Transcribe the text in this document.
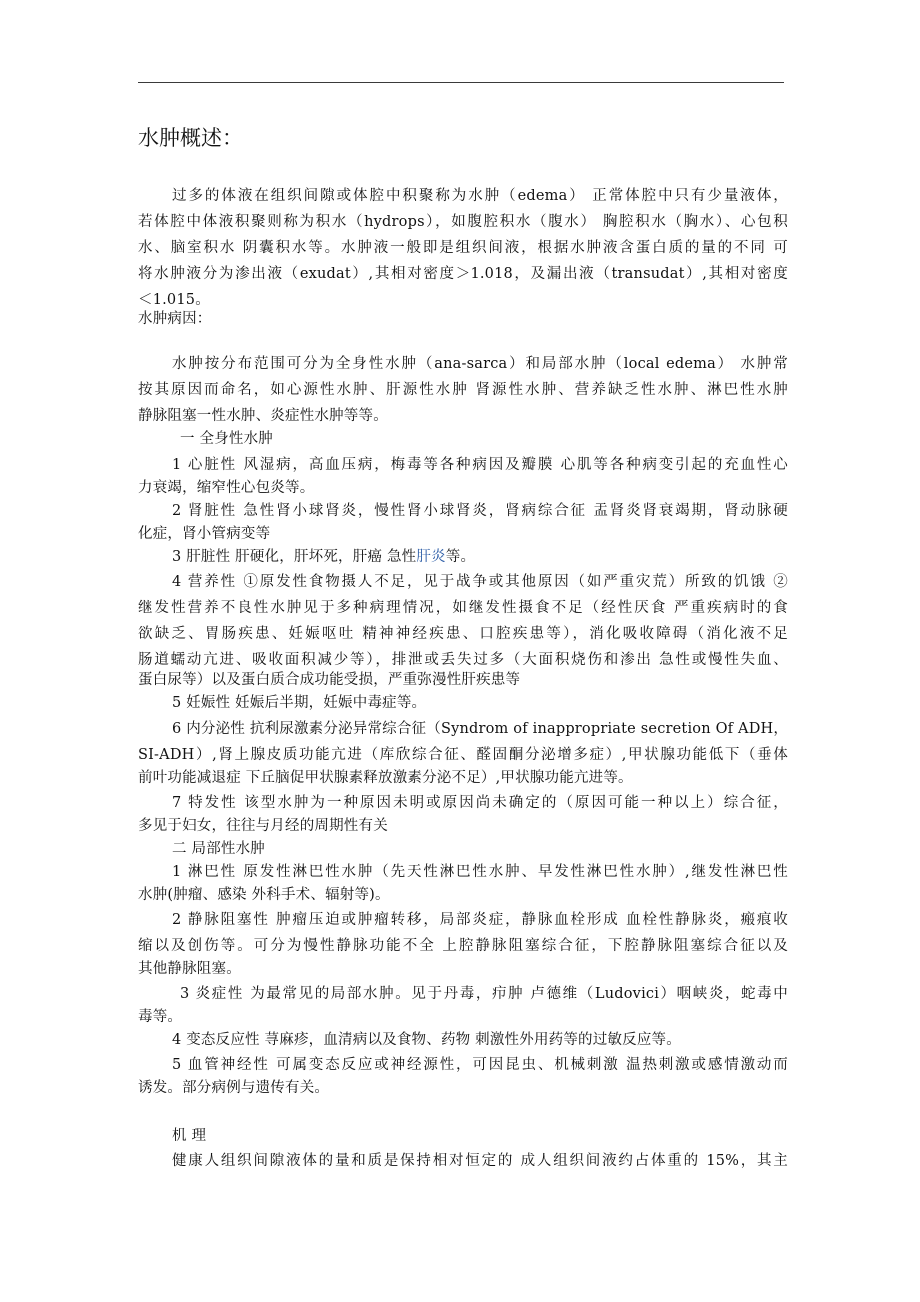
水肿概述：
过多的体液在组织间隙或体腔中积聚称为水肿（edema） 正常体腔中只有少量液体，
若体腔中体液积聚则称为积水（hydrops），如腹腔积水（腹水） 胸腔积水（胸水）、心包积
水、脑室积水 阴囊积水等。水肿液一般即是组织间液，根据水肿液含蛋白质的量的不同 可
将水肿液分为渗出液（exudat）,其相对密度＞1.018，及漏出液（transudat）,其相对密度
＜1.015。
水肿病因：
水肿按分布范围可分为全身性水肿（ana-sarca）和局部水肿（local edema） 水肿常
按其原因而命名，如心源性水肿、肝源性水肿 肾源性水肿、营养缺乏性水肿、淋巴性水肿
静脉阻塞一性水肿、炎症性水肿等等。
一 全身性水肿
1 心脏性 风湿病，高血压病，梅毒等各种病因及瓣膜 心肌等各种病变引起的充血性心
力衰竭，缩窄性心包炎等。
2 肾脏性 急性肾小球肾炎，慢性肾小球肾炎，肾病综合征 盂肾炎肾衰竭期，肾动脉硬
化症，肾小管病变等
3 肝脏性 肝硬化，肝坏死，肝癌 急性肝炎等。
4 营养性 ①原发性食物摄人不足，见于战争或其他原因（如严重灾荒）所致的饥饿 ②
继发性营养不良性水肿见于多种病理情况，如继发性摄食不足（经性厌食 严重疾病时的食
欲缺乏、胃肠疾患、妊娠呕吐 精神神经疾患、口腔疾患等），消化吸收障碍（消化液不足
肠道蠕动亢进、吸收面积减少等），排泄或丢失过多（大面积烧伤和渗出 急性或慢性失血、
蛋白尿等）以及蛋白质合成功能受损，严重弥漫性肝疾患等
5 妊娠性 妊娠后半期，妊娠中毒症等。
6 内分泌性 抗利尿激素分泌异常综合征（Syndrom of inappropriate secretion Of ADH，
SI-ADH）,肾上腺皮质功能亢进（库欣综合征、醛固酮分泌增多症）,甲状腺功能低下（垂体
前叶功能减退症 下丘脑促甲状腺素释放激素分泌不足）,甲状腺功能亢进等。
7 特发性 该型水肿为一种原因未明或原因尚未确定的（原因可能一种以上）综合征，
多见于妇女，往往与月经的周期性有关
二 局部性水肿
1 淋巴性 原发性淋巴性水肿（先天性淋巴性水肿、早发性淋巴性水肿）,继发性淋巴性
水肿(肿瘤、感染 外科手术、辐射等)。
2 静脉阻塞性 肿瘤压迫或肿瘤转移，局部炎症，静脉血栓形成 血栓性静脉炎，瘢痕收
缩以及创伤等。可分为慢性静脉功能不全 上腔静脉阻塞综合征，下腔静脉阻塞综合征以及
其他静脉阻塞。
3 炎症性 为最常见的局部水肿。见于丹毒，疖肿 卢德维（Ludovici）咽峡炎，蛇毒中
毒等。
4 变态反应性 荨麻疹，血清病以及食物、药物 刺激性外用药等的过敏反应等。
5 血管神经性 可属变态反应或神经源性，可因昆虫、机械刺激 温热刺激或感情激动而
诱发。部分病例与遗传有关。
机 理
健康人组织间隙液体的量和质是保持相对恒定的 成人组织间液约占体重的 15%，其主
